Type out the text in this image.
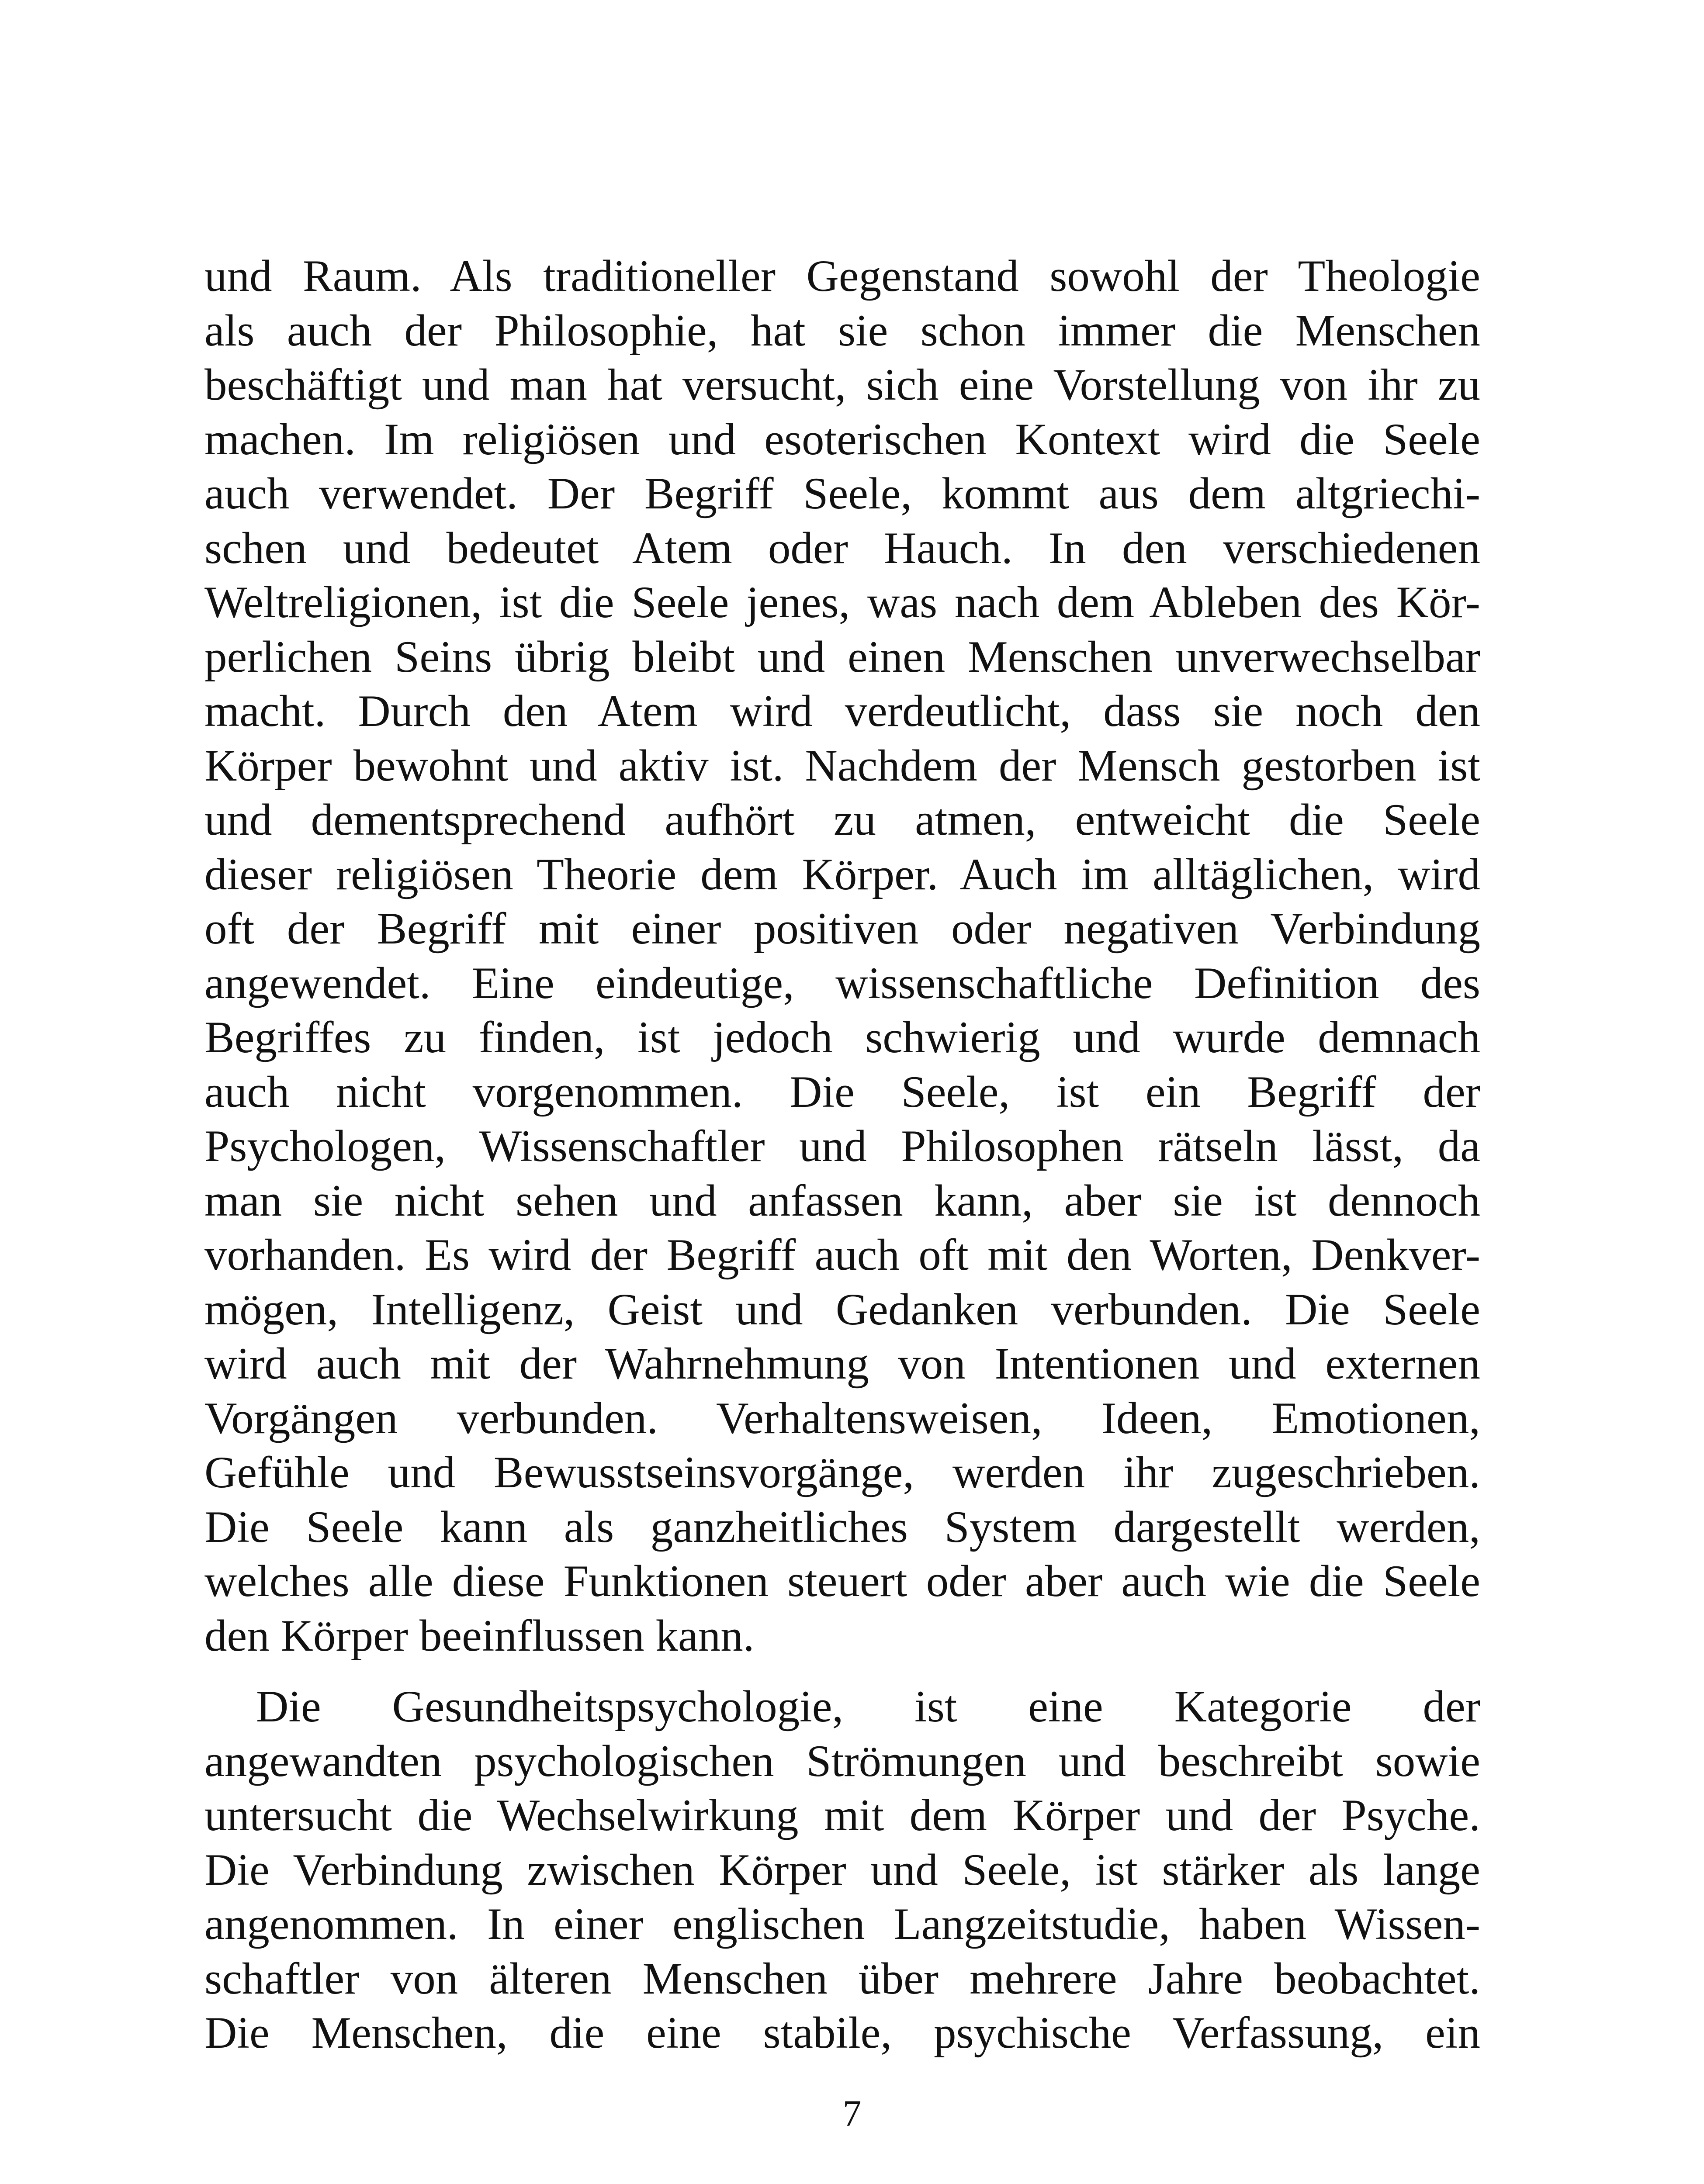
und Raum. Als traditioneller Gegenstand sowohl der Theologie
als auch der Philosophie, hat sie schon immer die Menschen
beschäftigt und man hat versucht, sich eine Vorstellung von ihr zu
machen. Im religiösen und esoterischen Kontext wird die Seele
auch verwendet. Der Begriff Seele, kommt aus dem altgriechi-
schen und bedeutet Atem oder Hauch. In den verschiedenen
Weltreligionen, ist die Seele jenes, was nach dem Ableben des Kör-
perlichen Seins übrig bleibt und einen Menschen unverwechselbar
macht. Durch den Atem wird verdeutlicht, dass sie noch den
Körper bewohnt und aktiv ist. Nachdem der Mensch gestorben ist
und dementsprechend aufhört zu atmen, entweicht die Seele
dieser religiösen Theorie dem Körper. Auch im alltäglichen, wird
oft der Begriff mit einer positiven oder negativen Verbindung
angewendet. Eine eindeutige, wissenschaftliche Definition des
Begriffes zu finden, ist jedoch schwierig und wurde demnach
auch nicht vorgenommen. Die Seele, ist ein Begriff der
Psychologen, Wissenschaftler und Philosophen rätseln lässt, da
man sie nicht sehen und anfassen kann, aber sie ist dennoch
vorhanden. Es wird der Begriff auch oft mit den Worten, Denkver-
mögen, Intelligenz, Geist und Gedanken verbunden. Die Seele
wird auch mit der Wahrnehmung von Intentionen und externen
Vorgängen verbunden. Verhaltensweisen, Ideen, Emotionen,
Gefühle und Bewusstseinsvorgänge, werden ihr zugeschrieben.
Die Seele kann als ganzheitliches System dargestellt werden,
welches alle diese Funktionen steuert oder aber auch wie die Seele
den Körper beeinflussen kann.

Die Gesundheitspsychologie, ist eine Kategorie der
angewandten psychologischen Strömungen und beschreibt sowie
untersucht die Wechselwirkung mit dem Körper und der Psyche.
Die Verbindung zwischen Körper und Seele, ist stärker als lange
angenommen. In einer englischen Langzeitstudie, haben Wissen-
schaftler von älteren Menschen über mehrere Jahre beobachtet.
Die Menschen, die eine stabile, psychische Verfassung, ein

7
